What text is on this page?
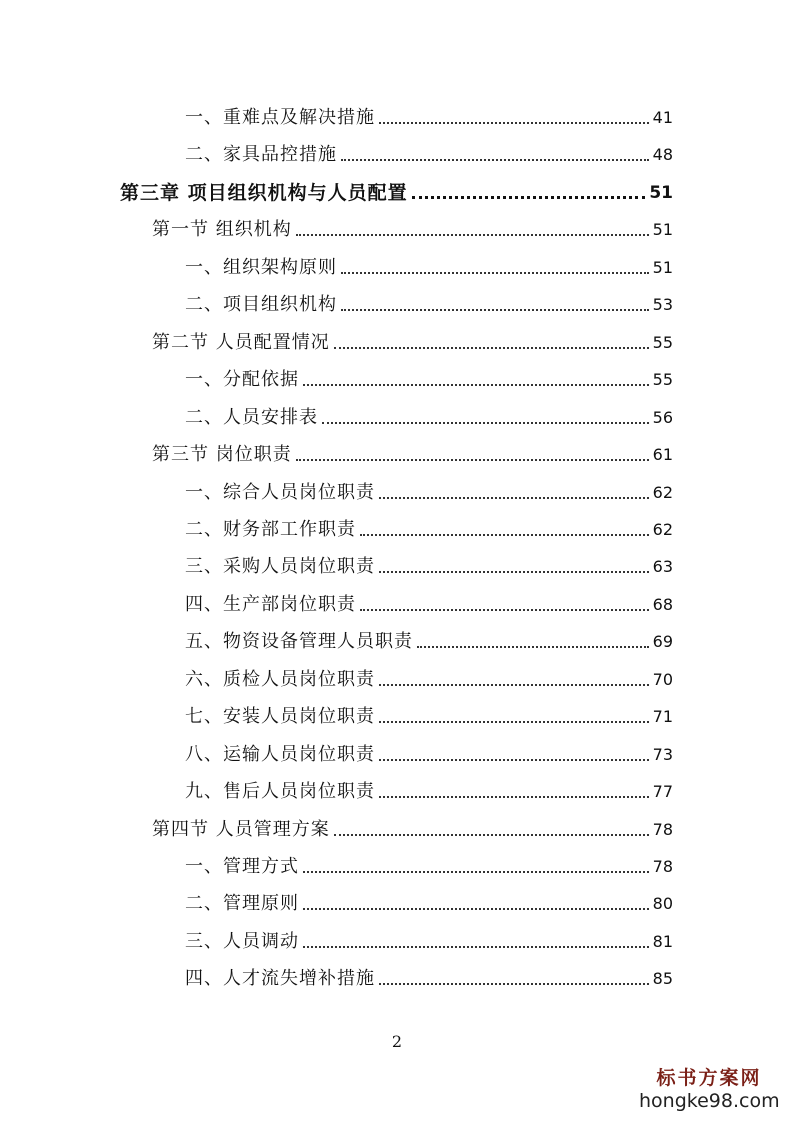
一、重难点及解决措施	41
二、家具品控措施	48
第三章 项目组织机构与人员配置	51
第一节 组织机构	51
一、组织架构原则	51
二、项目组织机构	53
第二节 人员配置情况	55
一、分配依据	55
二、人员安排表	56
第三节 岗位职责	61
一、综合人员岗位职责	62
二、财务部工作职责	62
三、采购人员岗位职责	63
四、生产部岗位职责	68
五、物资设备管理人员职责	69
六、质检人员岗位职责	70
七、安装人员岗位职责	71
八、运输人员岗位职责	73
九、售后人员岗位职责	77
第四节 人员管理方案	78
一、管理方式	78
二、管理原则	80
三、人员调动	81
四、人才流失增补措施	85
2
标书方案网
hongke98.com
